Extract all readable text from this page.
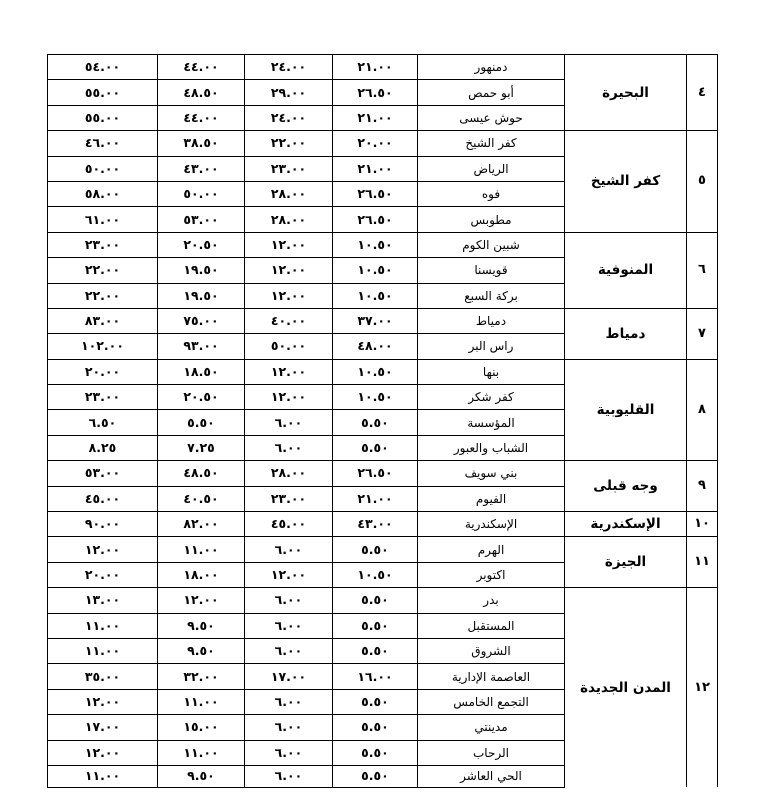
٥٤.٠٠	٤٤.٠٠	٢٤.٠٠	٢١.٠٠	دمنهور	البحيرة	٤
٥٥.٠٠	٤٨.٥٠	٢٩.٠٠	٢٦.٥٠	أبو حمص		
٥٥.٠٠	٤٤.٠٠	٢٤.٠٠	٢١.٠٠	حوش عيسى		
٤٦.٠٠	٣٨.٥٠	٢٢.٠٠	٢٠.٠٠	كفر الشيخ	كفر الشيخ	٥
٥٠.٠٠	٤٣.٠٠	٢٣.٠٠	٢١.٠٠	الرياض		
٥٨.٠٠	٥٠.٠٠	٢٨.٠٠	٢٦.٥٠	فوه		
٦١.٠٠	٥٣.٠٠	٢٨.٠٠	٢٦.٥٠	مطوبس		
٢٣.٠٠	٢٠.٥٠	١٢.٠٠	١٠.٥٠	شبين الكوم	المنوفية	٦
٢٢.٠٠	١٩.٥٠	١٢.٠٠	١٠.٥٠	قويسنا		
٢٢.٠٠	١٩.٥٠	١٢.٠٠	١٠.٥٠	بركة السبع		
٨٣.٠٠	٧٥.٠٠	٤٠.٠٠	٣٧.٠٠	دمياط	دمياط	٧
١٠٢.٠٠	٩٣.٠٠	٥٠.٠٠	٤٨.٠٠	راس البر		
٢٠.٠٠	١٨.٥٠	١٢.٠٠	١٠.٥٠	بنها	القليوبية	٨
٢٣.٠٠	٢٠.٥٠	١٢.٠٠	١٠.٥٠	كفر شكر		
٦.٥٠	٥.٥٠	٦.٠٠	٥.٥٠	المؤسسة		
٨.٢٥	٧.٢٥	٦.٠٠	٥.٥٠	الشباب والعبور		
٥٣.٠٠	٤٨.٥٠	٢٨.٠٠	٢٦.٥٠	بني سويف	وجه قبلى	٩
٤٥.٠٠	٤٠.٥٠	٢٣.٠٠	٢١.٠٠	الفيوم		
٩٠.٠٠	٨٢.٠٠	٤٥.٠٠	٤٣.٠٠	الإسكندرية	الإسكندرية	١٠
١٢.٠٠	١١.٠٠	٦.٠٠	٥.٥٠	الهرم	الجيزة	١١
٢٠.٠٠	١٨.٠٠	١٢.٠٠	١٠.٥٠	اكتوبر		
١٣.٠٠	١٢.٠٠	٦.٠٠	٥.٥٠	بدر	المدن الجديدة	١٢
١١.٠٠	٩.٥٠	٦.٠٠	٥.٥٠	المستقبل		
١١.٠٠	٩.٥٠	٦.٠٠	٥.٥٠	الشروق		
٣٥.٠٠	٣٢.٠٠	١٧.٠٠	١٦.٠٠	العاصمة الإدارية		
١٢.٠٠	١١.٠٠	٦.٠٠	٥.٥٠	التجمع الخامس		
١٧.٠٠	١٥.٠٠	٦.٠٠	٥.٥٠	مدينتي		
١٢.٠٠	١١.٠٠	٦.٠٠	٥.٥٠	الرحاب		
١١.٠٠	٩.٥٠	٦.٠٠	٥.٥٠	الحي العاشر		
